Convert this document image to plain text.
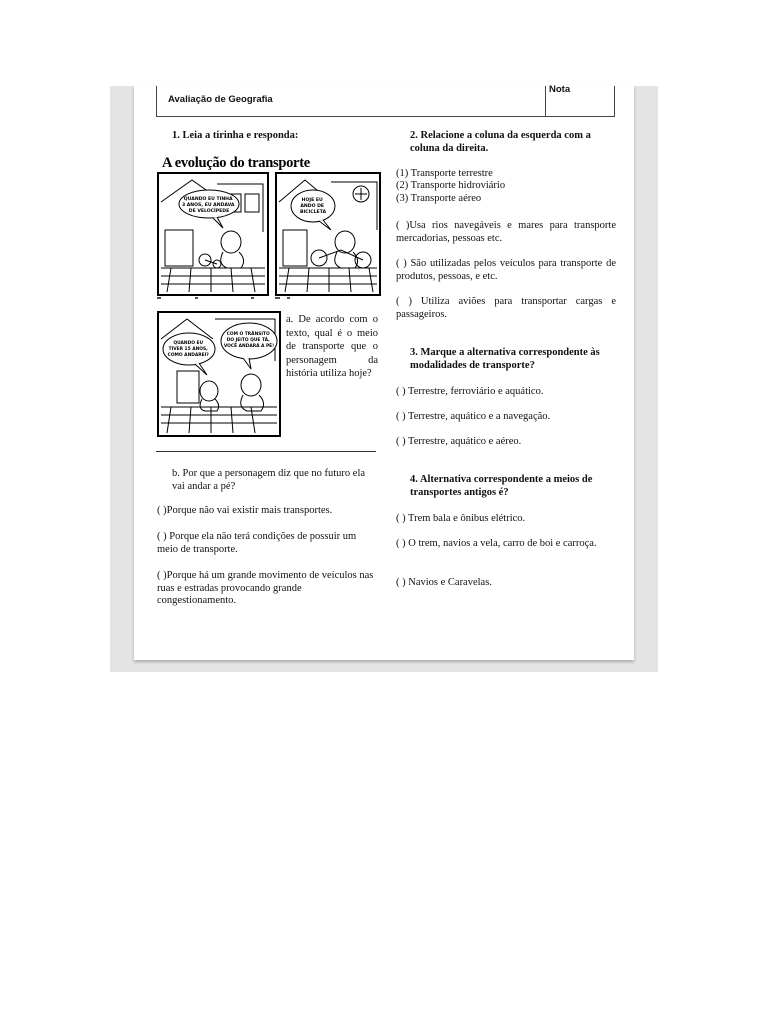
Avaliação de Geografia
Nota
1. Leia a tirinha e responda:
A evolução do transporte
QUANDO EU TINHA 3 ANOS, EU ANDAVA DE VELOCÍPEDE
HOJE EU ANDO DE BICICLETA
QUANDO EU TIVER 15 ANOS, COMO ANDAREI? COM O TRÂNSITO DO JEITO QUE TÁ, VOCÊ ANDARÁ A PÉ!
a. De acordo com o texto, qual é o meio de transporte que o personagem da história utiliza hoje?
b. Por que a personagem diz que no futuro ela vai andar a pé?
( )Porque não vai existir mais transportes.
( ) Porque ela não terá condições de possuir um meio de transporte.
( )Porque há um grande movimento de veículos nas ruas e estradas provocando grande congestionamento.
2. Relacione a coluna da esquerda com a coluna da direita.
(1) Transporte terrestre
(2) Transporte hidroviário
(3) Transporte aéreo
( )Usa rios navegáveis e mares para transporte mercadorias, pessoas etc.
( ) São utilizadas pelos veículos para transporte de produtos, pessoas, e etc.
( ) Utiliza aviões para transportar cargas e passageiros.
3. Marque a alternativa correspondente às modalidades de transporte?
( ) Terrestre, ferroviário e aquático.
( ) Terrestre, aquático e a navegação.
( ) Terrestre, aquático e aéreo.
4. Alternativa correspondente a meios de transportes antigos é?
( ) Trem bala e ônibus elétrico.
( ) O trem, navios a vela, carro de boi e carroça.
( ) Navios e Caravelas.
